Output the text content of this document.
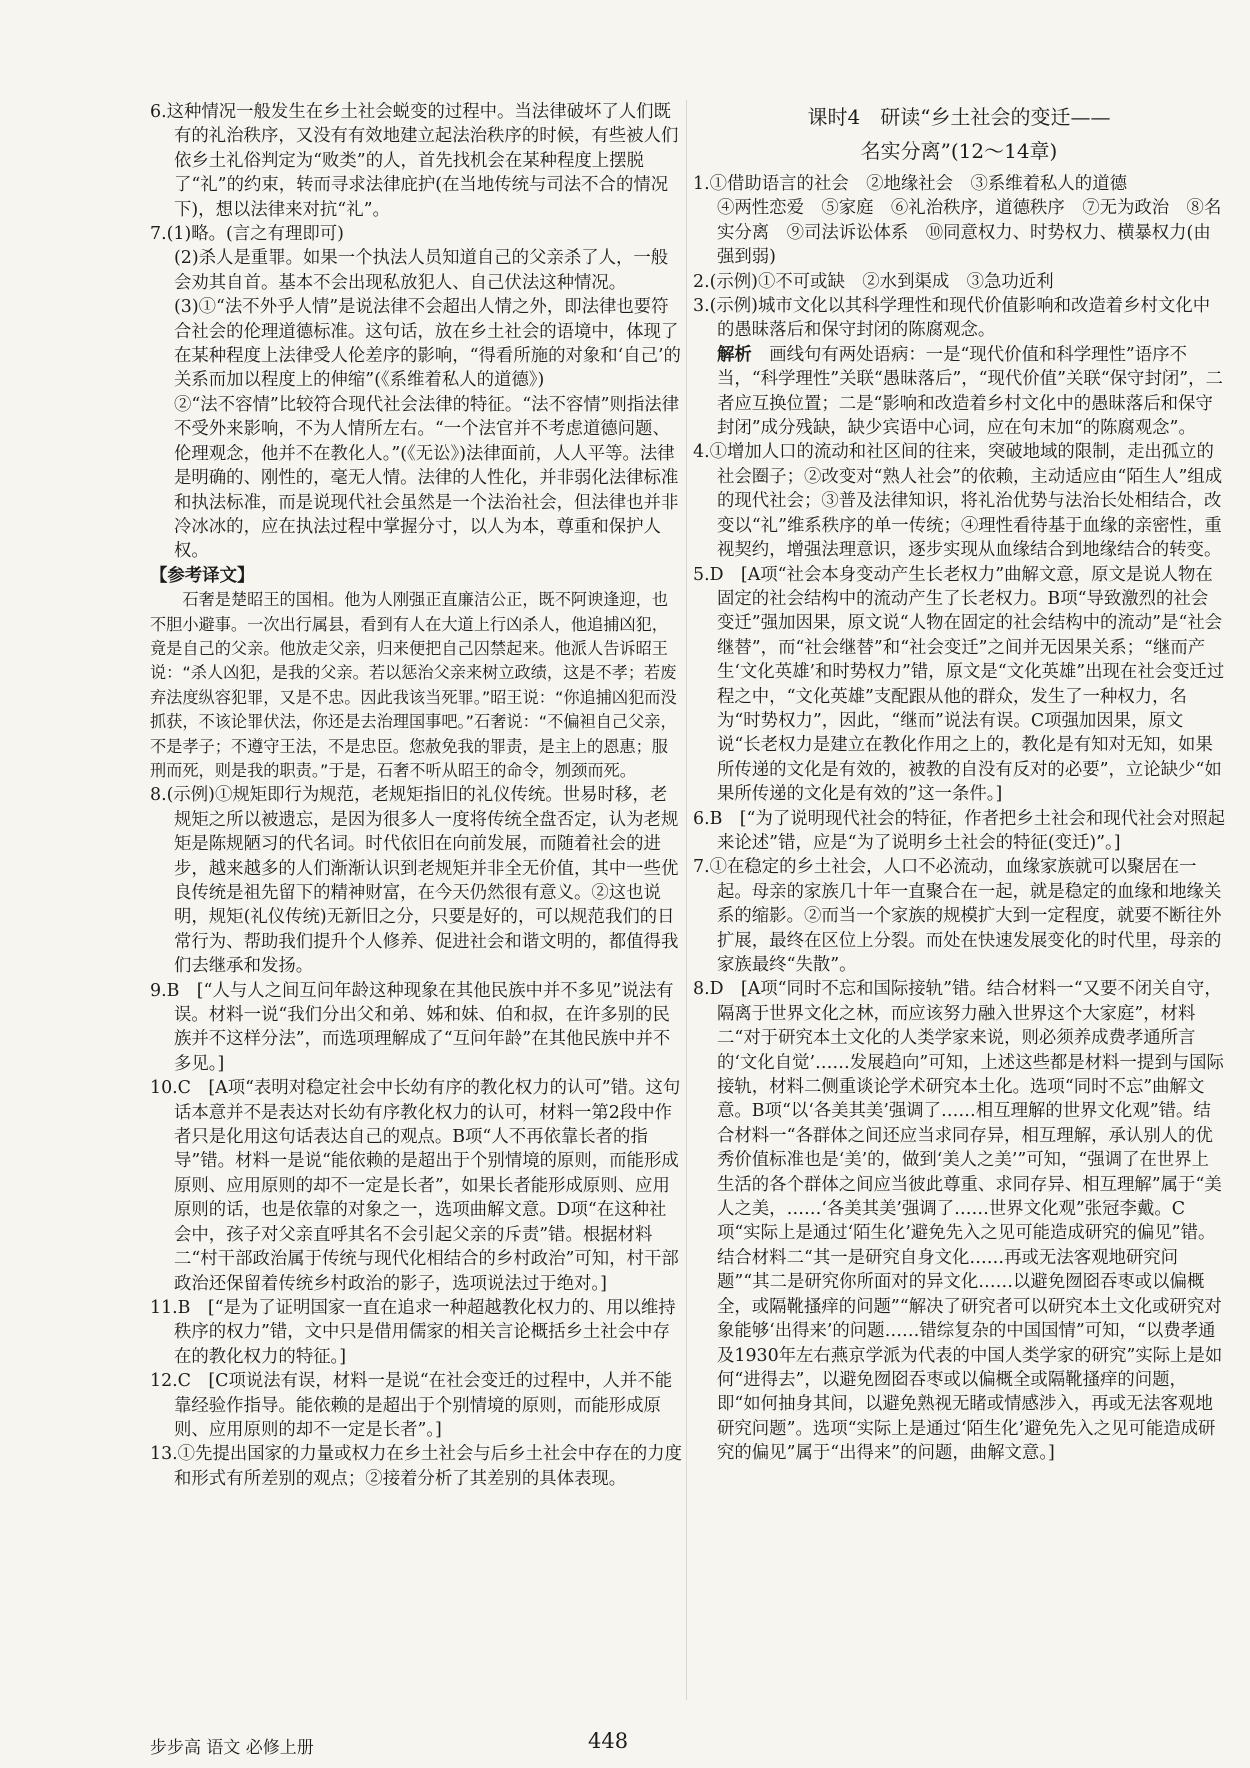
6.这种情况一般发生在乡土社会蜕变的过程中。当法律破坏了人们既有的礼治秩序，又没有有效地建立起法治秩序的时候，有些被人们依乡土礼俗判定为“败类”的人，首先找机会在某种程度上摆脱了“礼”的约束，转而寻求法律庇护(在当地传统与司法不合的情况下)，想以法律来对抗“礼”。

7.(1)略。(言之有理即可)

(2)杀人是重罪。如果一个执法人员知道自己的父亲杀了人，一般会劝其自首。基本不会出现私放犯人、自己伏法这种情况。

(3)①“法不外乎人情”是说法律不会超出人情之外，即法律也要符合社会的伦理道德标准。这句话，放在乡土社会的语境中，体现了在某种程度上法律受人伦差序的影响，“得看所施的对象和‘自己’的关系而加以程度上的伸缩”(《系维着私人的道德》)

②“法不容情”比较符合现代社会法律的特征。“法不容情”则指法律不受外来影响，不为人情所左右。“一个法官并不考虑道德问题、伦理观念，他并不在教化人。”(《无讼》)法律面前，人人平等。法律是明确的、刚性的，毫无人情。法律的人性化，并非弱化法律标准和执法标准，而是说现代社会虽然是一个法治社会，但法律也并非冷冰冰的，应在执法过程中掌握分寸，以人为本，尊重和保护人权。

【参考译文】

石奢是楚昭王的国相。他为人刚强正直廉洁公正，既不阿谀逢迎，也不胆小避事。一次出行属县，看到有人在大道上行凶杀人，他追捕凶犯，竟是自己的父亲。他放走父亲，归来便把自己囚禁起来。他派人告诉昭王说：“杀人凶犯，是我的父亲。若以惩治父亲来树立政绩，这是不孝；若废弃法度纵容犯罪，又是不忠。因此我该当死罪。”昭王说：“你追捕凶犯而没抓获，不该论罪伏法，你还是去治理国事吧。”石奢说：“不偏袒自己父亲，不是孝子；不遵守王法，不是忠臣。您赦免我的罪责，是主上的恩惠；服刑而死，则是我的职责。”于是，石奢不听从昭王的命令，刎颈而死。

8.(示例)①规矩即行为规范，老规矩指旧的礼仪传统。世易时移，老规矩之所以被遗忘，是因为很多人一度将传统全盘否定，认为老规矩是陈规陋习的代名词。时代依旧在向前发展，而随着社会的进步，越来越多的人们渐渐认识到老规矩并非全无价值，其中一些优良传统是祖先留下的精神财富，在今天仍然很有意义。②这也说明，规矩(礼仪传统)无新旧之分，只要是好的，可以规范我们的日常行为、帮助我们提升个人修养、促进社会和谐文明的，都值得我们去继承和发扬。

9.B　[“人与人之间互问年龄这种现象在其他民族中并不多见”说法有误。材料一说“我们分出父和弟、姊和妹、伯和叔，在许多别的民族并不这样分法”，而选项理解成了“互问年龄”在其他民族中并不多见。]

10.C　[A项“表明对稳定社会中长幼有序的教化权力的认可”错。这句话本意并不是表达对长幼有序教化权力的认可，材料一第2段中作者只是化用这句话表达自己的观点。B项“人不再依靠长者的指导”错。材料一是说“能依赖的是超出于个别情境的原则，而能形成原则、应用原则的却不一定是长者”，如果长者能形成原则、应用原则的话，也是依靠的对象之一，选项曲解文意。D项“在这种社会中，孩子对父亲直呼其名不会引起父亲的斥责”错。根据材料二“村干部政治属于传统与现代化相结合的乡村政治”可知，村干部政治还保留着传统乡村政治的影子，选项说法过于绝对。]

11.B　[“是为了证明国家一直在追求一种超越教化权力的、用以维持秩序的权力”错，文中只是借用儒家的相关言论概括乡土社会中存在的教化权力的特征。]

12.C　[C项说法有误，材料一是说“在社会变迁的过程中，人并不能靠经验作指导。能依赖的是超出于个别情境的原则，而能形成原则、应用原则的却不一定是长者”。]

13.①先提出国家的力量或权力在乡土社会与后乡土社会中存在的力度和形式有所差别的观点；②接着分析了其差别的具体表现。

课时4　研读“乡土社会的变迁——
名实分离”(12～14章)

1.①借助语言的社会　②地缘社会　③系维着私人的道德

④两性恋爱　⑤家庭　⑥礼治秩序，道德秩序　⑦无为政治　⑧名实分离　⑨司法诉讼体系　⑩同意权力、时势权力、横暴权力(由强到弱)

2.(示例)①不可或缺　②水到渠成　③急功近利

3.(示例)城市文化以其科学理性和现代价值影响和改造着乡村文化中的愚昧落后和保守封闭的陈腐观念。

解析　 画线句有两处语病：一是“现代价值和科学理性”语序不当，“科学理性”关联“愚昧落后”，“现代价值”关联“保守封闭”，二者应互换位置；二是“影响和改造着乡村文化中的愚昧落后和保守封闭”成分残缺，缺少宾语中心词，应在句末加“的陈腐观念”。

4.①增加人口的流动和社区间的往来，突破地域的限制，走出孤立的社会圈子；②改变对“熟人社会”的依赖，主动适应由“陌生人”组成的现代社会；③普及法律知识，将礼治优势与法治长处相结合，改变以“礼”维系秩序的单一传统；④理性看待基于血缘的亲密性，重视契约，增强法理意识，逐步实现从血缘结合到地缘结合的转变。

5.D　[A项“社会本身变动产生长老权力”曲解文意，原文是说人物在固定的社会结构中的流动产生了长老权力。B项“导致激烈的社会变迁”强加因果，原文说“人物在固定的社会结构中的流动”是“社会继替”，而“社会继替”和“社会变迁”之间并无因果关系；“继而产生‘文化英雄’和时势权力”错，原文是“文化英雄”出现在社会变迁过程之中，“文化英雄”支配跟从他的群众，发生了一种权力，名为“时势权力”，因此，“继而”说法有误。C项强加因果，原文说“长老权力是建立在教化作用之上的，教化是有知对无知，如果所传递的文化是有效的，被教的自没有反对的必要”，立论缺少“如果所传递的文化是有效的”这一条件。]

6.B　[“为了说明现代社会的特征，作者把乡土社会和现代社会对照起来论述”错，应是“为了说明乡土社会的特征(变迁)”。]

7.①在稳定的乡土社会，人口不必流动，血缘家族就可以聚居在一起。母亲的家族几十年一直聚合在一起，就是稳定的血缘和地缘关系的缩影。②而当一个家族的规模扩大到一定程度，就要不断往外扩展，最终在区位上分裂。而处在快速发展变化的时代里，母亲的家族最终“失散”。

8.D　[A项“同时不忘和国际接轨”错。结合材料一“又要不闭关自守，隔离于世界文化之林，而应该努力融入世界这个大家庭”，材料二“对于研究本土文化的人类学家来说，则必须养成费孝通所言的‘文化自觉’……发展趋向”可知，上述这些都是材料一提到与国际接轨，材料二侧重谈论学术研究本土化。选项“同时不忘”曲解文意。B项“以‘各美其美’强调了……相互理解的世界文化观”错。结合材料一“各群体之间还应当求同存异，相互理解，承认别人的优秀价值标准也是‘美’的，做到‘美人之美’”可知，“强调了在世界上生活的各个群体之间应当彼此尊重、求同存异、相互理解”属于“美人之美，……‘各美其美’强调了……世界文化观”张冠李戴。C项“实际上是通过‘陌生化’避免先入之见可能造成研究的偏见”错。结合材料二“其一是研究自身文化……再或无法客观地研究问题”“其二是研究你所面对的异文化……以避免囫囵吞枣或以偏概全，或隔靴搔痒的问题”“解决了研究者可以研究本土文化或研究对象能够‘出得来’的问题……错综复杂的中国国情”可知，“以费孝通及1930年左右燕京学派为代表的中国人类学家的研究”实际上是如何“进得去”，以避免囫囵吞枣或以偏概全或隔靴搔痒的问题，即“如何抽身其间，以避免熟视无睹或情感涉入，再或无法客观地研究问题”。选项“实际上是通过‘陌生化’避免先入之见可能造成研究的偏见”属于“出得来”的问题，曲解文意。]

步步高 语文 必修上册	448
